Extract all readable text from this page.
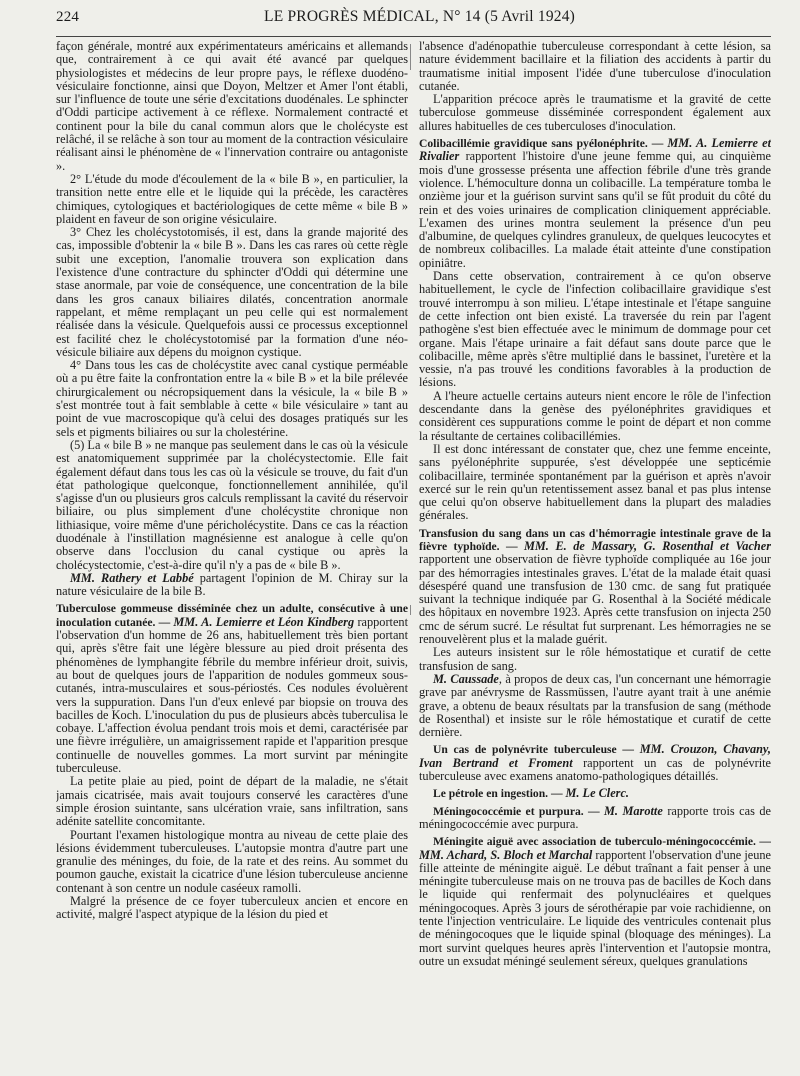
224	LE PROGRÈS MÉDICAL, N° 14 (5 Avril 1924)

façon générale, montré aux expérimentateurs américains et allemands que, contrairement à ce qui avait été avancé par quelques physiologistes et médecins de leur propre pays, le réflexe duodéno-vésiculaire fonctionne, ainsi que Doyon, Meltzer et Amer l'ont établi, sur l'influence de toute une série d'excitations duodénales. Le sphincter d'Oddi participe activement à ce réflexe. Normalement contracté et continent pour la bile du canal commun alors que le cholécyste est relâché, il se relâche à son tour au moment de la contraction vésiculaire réalisant ainsi le phénomène de « l'innervation contraire ou antagoniste ».

2° L'étude du mode d'écoulement de la « bile B », en particulier, la transition nette entre elle et le liquide qui la précède, les caractères chimiques, cytologiques et bactériologiques de cette même « bile B » plaident en faveur de son origine vésiculaire.

3° Chez les cholécystotomisés, il est, dans la grande majorité des cas, impossible d'obtenir la « bile B ». Dans les cas rares où cette règle subit une exception, l'anomalie trouvera son explication dans l'existence d'une contracture du sphincter d'Oddi qui détermine une stase anormale, par voie de conséquence, une concentration de la bile dans les gros canaux biliaires dilatés, concentration anormale rappelant, et même remplaçant un peu celle qui est normalement réalisée dans la vésicule. Quelquefois aussi ce processus exceptionnel est facilité chez le cholécystotomisé par la formation d'une néo-vésicule biliaire aux dépens du moignon cystique.

4° Dans tous les cas de cholécystite avec canal cystique perméable où a pu être faite la confrontation entre la « bile B » et la bile prélevée chirurgicalement ou nécropsiquement dans la vésicule, la « bile B » s'est montrée tout à fait semblable à cette « bile vésiculaire » tant au point de vue macroscopique qu'à celui des dosages pratiqués sur les sels et pigments biliaires ou sur la cholestérine.

(5) La « bile B » ne manque pas seulement dans le cas où la vésicule est anatomiquement supprimée par la cholécystectomie. Elle fait également défaut dans tous les cas où la vésicule se trouve, du fait d'un état pathologique quelconque, fonctionnellement annihilée, qu'il s'agisse d'un ou plusieurs gros calculs remplissant la cavité du réservoir biliaire, ou plus simplement d'une cholécystite chronique non lithiasique, voire même d'une péricholécystite. Dans ce cas la réaction duodénale à l'instillation magnésienne est analogue à celle qu'on observe dans l'occlusion du canal cystique ou après la cholécystectomie, c'est-à-dire qu'il n'y a pas de « bile B ».

MM. Rathery et Labbé partagent l'opinion de M. Chiray sur la nature vésiculaire de la bile B.

Tuberculose gommeuse disséminée chez un adulte, consécutive à une inoculation cutanée. — MM. A. Lemierre et Léon Kindberg rapportent l'observation d'un homme de 26 ans, habituellement très bien portant qui, après s'être fait une légère blessure au pied droit présenta des phénomènes de lymphangite fébrile du membre inférieur droit, suivis, au bout de quelques jours de l'apparition de nodules gommeux sous-cutanés, intra-musculaires et sous-périostés. Ces nodules évoluèrent vers la suppuration. Dans l'un d'eux enlevé par biopsie on trouva des bacilles de Koch. L'inoculation du pus de plusieurs abcès tuberculisa le cobaye. L'affection évolua pendant trois mois et demi, caractérisée par une fièvre irrégulière, un amaigrissement rapide et l'apparition presque continuelle de nouvelles gommes. La mort survint par méningite tuberculeuse.

La petite plaie au pied, point de départ de la maladie, ne s'était jamais cicatrisée, mais avait toujours conservé les caractères d'une simple érosion suintante, sans ulcération vraie, sans infiltration, sans adénite satellite concomitante.

Pourtant l'examen histologique montra au niveau de cette plaie des lésions évidemment tuberculeuses. L'autopsie montra d'autre part une granulie des méninges, du foie, de la rate et des reins. Au sommet du poumon gauche, existait la cicatrice d'une lésion tuberculeuse ancienne contenant à son centre un nodule caséeux ramolli.

Malgré la présence de ce foyer tuberculeux ancien et encore en activité, malgré l'aspect atypique de la lésion du pied et

l'absence d'adénopathie tuberculeuse correspondant à cette lésion, sa nature évidemment bacillaire et la filiation des accidents à partir du traumatisme initial imposent l'idée d'une tuberculose d'inoculation cutanée.

L'apparition précoce après le traumatisme et la gravité de cette tuberculose gommeuse disséminée correspondent également aux allures habituelles de ces tuberculoses d'inoculation.

Colibacillémie gravidique sans pyélonéphrite. — MM. A. Lemierre et Rivalier rapportent l'histoire d'une jeune femme qui, au cinquième mois d'une grossesse présenta une affection fébrile d'une très grande violence. L'hémoculture donna un colibacille. La température tomba le onzième jour et la guérison survint sans qu'il se fût produit du côté du rein et des voies urinaires de complication cliniquement appréciable. L'examen des urines montra seulement la présence d'un peu d'albumine, de quelques cylindres granuleux, de quelques leucocytes et de nombreux colibacilles. La malade était atteinte d'une constipation opiniâtre.

Dans cette observation, contrairement à ce qu'on observe habituellement, le cycle de l'infection colibacillaire gravidique s'est trouvé interrompu à son milieu. L'étape intestinale et l'étape sanguine de cette infection ont bien existé. La traversée du rein par l'agent pathogène s'est bien effectuée avec le minimum de dommage pour cet organe. Mais l'étape urinaire a fait défaut sans doute parce que le colibacille, même après s'être multiplié dans le bassinet, l'uretère et la vessie, n'a pas trouvé les conditions favorables à la production de lésions.

A l'heure actuelle certains auteurs nient encore le rôle de l'infection descendante dans la genèse des pyélonéphrites gravidiques et considèrent ces suppurations comme le point de départ et non comme la résultante de certaines colibacillémies.

Il est donc intéressant de constater que, chez une femme enceinte, sans pyélonéphrite suppurée, s'est développée une septicémie colibacillaire, terminée spontanément par la guérison et après n'avoir exercé sur le rein qu'un retentissement assez banal et pas plus intense que celui qu'on observe habituellement dans la plupart des maladies générales.

Transfusion du sang dans un cas d'hémorragie intestinale grave de la fièvre typhoïde. — MM. E. de Massary, G. Rosenthal et Vacher rapportent une observation de fièvre typhoïde compliquée au 16e jour par des hémorragies intestinales graves. L'état de la malade était quasi désespéré quand une transfusion de 130 cmc. de sang fut pratiquée suivant la technique indiquée par G. Rosenthal à la Société médicale des hôpitaux en novembre 1923. Après cette transfusion on injecta 250 cmc de sérum sucré. Le résultat fut surprenant. Les hémorragies ne se renouvelèrent plus et la malade guérit.

Les auteurs insistent sur le rôle hémostatique et curatif de cette transfusion de sang.

M. Caussade, à propos de deux cas, l'un concernant une hémorragie grave par anévrysme de Rassmüssen, l'autre ayant trait à une anémie grave, a obtenu de beaux résultats par la transfusion de sang (méthode de Rosenthal) et insiste sur le rôle hémostatique et curatif de cette dernière.

Un cas de polynévrite tuberculeuse — MM. Crouzon, Chavany, Ivan Bertrand et Froment rapportent un cas de polynévrite tuberculeuse avec examens anatomo-pathologiques détaillés.

Le pétrole en ingestion. — M. Le Clerc.

Méningococcémie et purpura. — M. Marotte rapporte trois cas de méningococcémie avec purpura.

Méningite aiguë avec association de tuberculo-méningococcémie. — MM. Achard, S. Bloch et Marchal rapportent l'observation d'une jeune fille atteinte de méningite aiguë. Le début traînant a fait penser à une méningite tuberculeuse mais on ne trouva pas de bacilles de Koch dans le liquide qui renfermait des polynucléaires et quelques méningocoques. Après 3 jours de sérothérapie par voie rachidienne, on tente l'injection ventriculaire. Le liquide des ventricules contenait plus de méningocoques que le liquide spinal (bloquage des méninges). La mort survint quelques heures après l'intervention et l'autopsie montra, outre un exsudat méningé seulement séreux, quelques granulations
